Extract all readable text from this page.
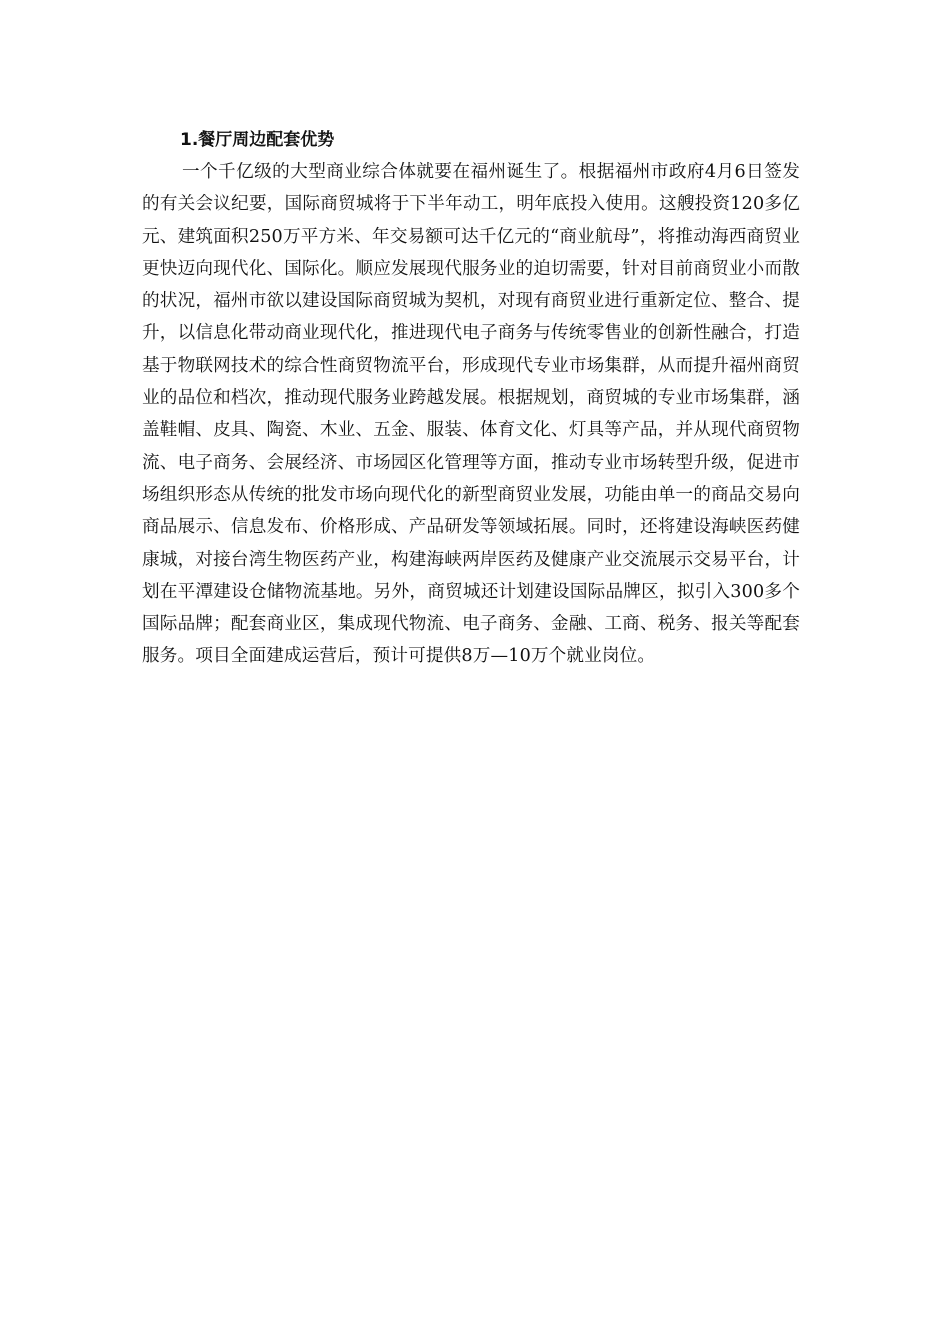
1.餐厅周边配套优势

一个千亿级的大型商业综合体就要在福州诞生了。根据福州市政府4月6日签发的有关会议纪要，国际商贸城将于下半年动工，明年底投入使用。这艘投资120多亿元、建筑面积250万平方米、年交易额可达千亿元的“商业航母”，将推动海西商贸业更快迈向现代化、国际化。顺应发展现代服务业的迫切需要，针对目前商贸业小而散的状况，福州市欲以建设国际商贸城为契机，对现有商贸业进行重新定位、整合、提升，以信息化带动商业现代化，推进现代电子商务与传统零售业的创新性融合，打造基于物联网技术的综合性商贸物流平台，形成现代专业市场集群，从而提升福州商贸业的品位和档次，推动现代服务业跨越发展。根据规划，商贸城的专业市场集群，涵盖鞋帽、皮具、陶瓷、木业、五金、服装、体育文化、灯具等产品，并从现代商贸物流、电子商务、会展经济、市场园区化管理等方面，推动专业市场转型升级，促进市场组织形态从传统的批发市场向现代化的新型商贸业发展，功能由单一的商品交易向商品展示、信息发布、价格形成、产品研发等领域拓展。同时，还将建设海峡医药健康城，对接台湾生物医药产业，构建海峡两岸医药及健康产业交流展示交易平台，计划在平潭建设仓储物流基地。另外，商贸城还计划建设国际品牌区，拟引入300多个国际品牌；配套商业区，集成现代物流、电子商务、金融、工商、税务、报关等配套服务。项目全面建成运营后，预计可提供8万—10万个就业岗位。
